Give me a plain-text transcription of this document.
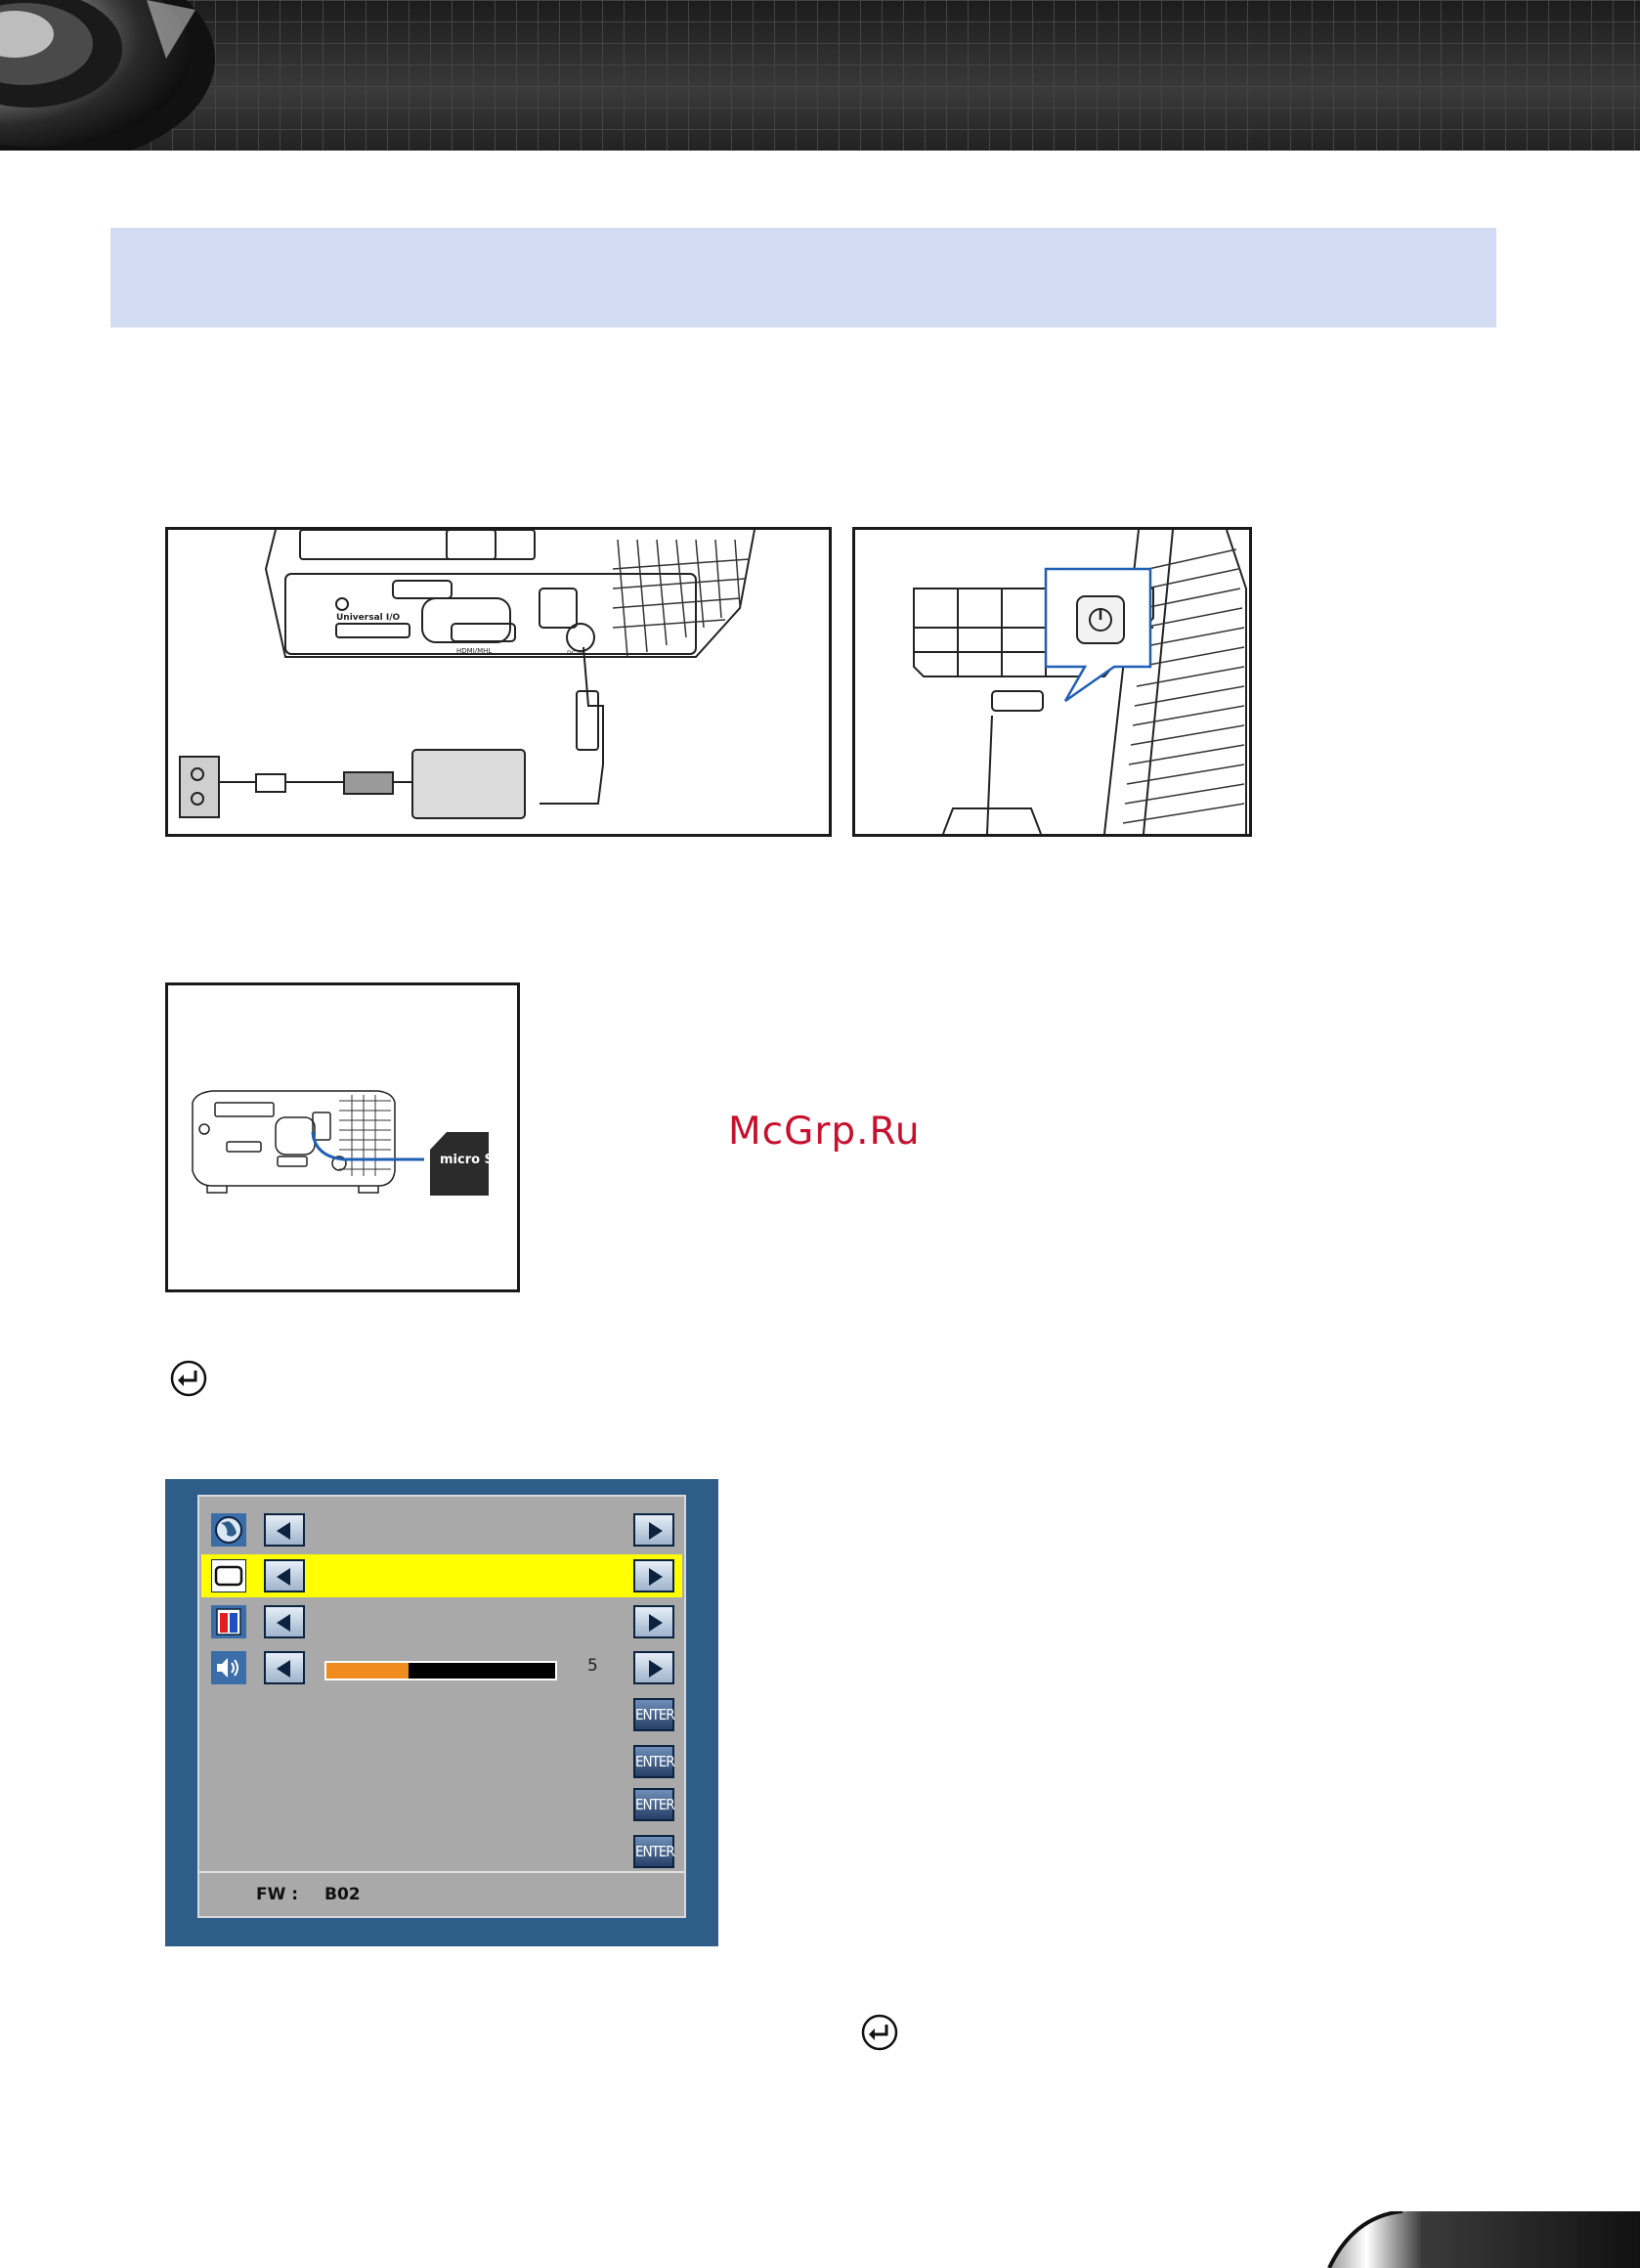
Universal I/O
HDMI/MHL	DC IN
micro SD
McGrp.Ru
5
ENTER
ENTER
ENTER
ENTER
FW : B02
